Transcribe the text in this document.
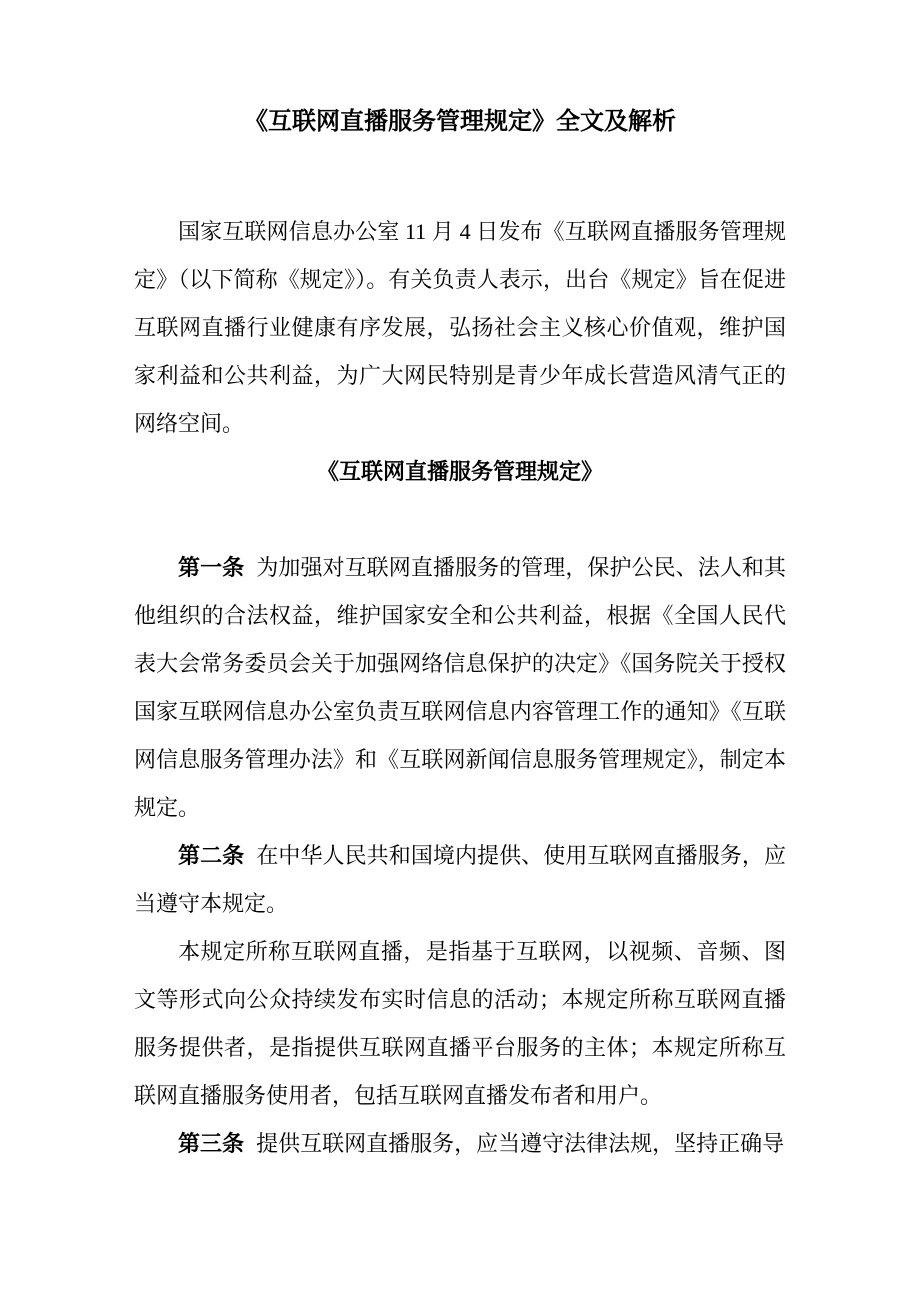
《互联网直播服务管理规定》全文及解析

国家互联网信息办公室 11 月 4 日发布《互联网直播服务管理规定》（以下简称《规定》）。有关负责人表示，出台《规定》旨在促进互联网直播行业健康有序发展，弘扬社会主义核心价值观，维护国家利益和公共利益，为广大网民特别是青少年成长营造风清气正的网络空间。

《互联网直播服务管理规定》

第一条 为加强对互联网直播服务的管理，保护公民、法人和其他组织的合法权益，维护国家安全和公共利益，根据《全国人民代表大会常务委员会关于加强网络信息保护的决定》《国务院关于授权国家互联网信息办公室负责互联网信息内容管理工作的通知》《互联网信息服务管理办法》和《互联网新闻信息服务管理规定》，制定本规定。

第二条 在中华人民共和国境内提供、使用互联网直播服务，应当遵守本规定。

本规定所称互联网直播，是指基于互联网，以视频、音频、图文等形式向公众持续发布实时信息的活动；本规定所称互联网直播服务提供者，是指提供互联网直播平台服务的主体；本规定所称互联网直播服务使用者，包括互联网直播发布者和用户。

第三条 提供互联网直播服务，应当遵守法律法规，坚持正确导
